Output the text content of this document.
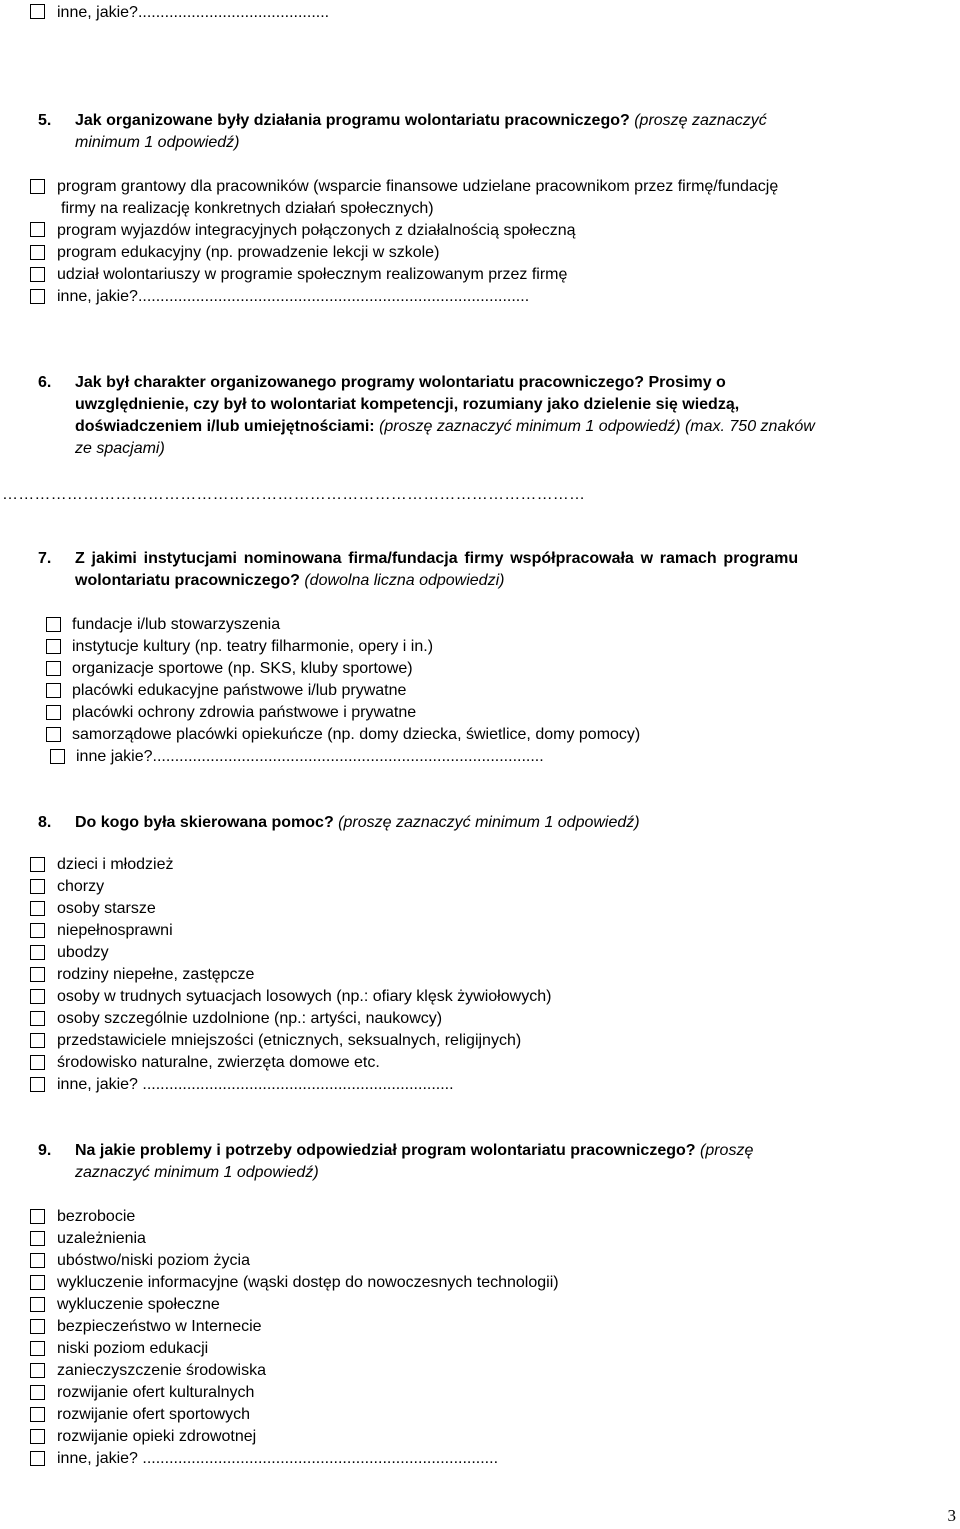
inne, jakie?...........................................
5. Jak organizowane były działania programu wolontariatu pracowniczego? (proszę zaznaczyć
minimum 1 odpowiedź)
program grantowy dla pracowników (wsparcie finansowe udzielane pracownikom przez firmę/fundację
firmy na realizację konkretnych działań społecznych)
program wyjazdów integracyjnych połączonych z działalnością społeczną
program edukacyjny (np. prowadzenie lekcji w szkole)
udział wolontariuszy w programie społecznym realizowanym przez firmę
inne, jakie?........................................................................................
6. Jak był charakter organizowanego programy wolontariatu pracowniczego? Prosimy o
uwzględnienie, czy był to wolontariat kompetencji, rozumiany jako dzielenie się wiedzą,
doświadczeniem i/lub umiejętnościami: (proszę zaznaczyć minimum 1 odpowiedź) (max. 750 znaków
ze spacjami)
………………………………………………………………………………………………
7. Z jakimi instytucjami nominowana firma/fundacja firmy współpracowała w ramach programu
wolontariatu pracowniczego? (dowolna liczna odpowiedzi)
fundacje i/lub stowarzyszenia
instytucje kultury (np. teatry filharmonie, opery i in.)
organizacje sportowe (np. SKS, kluby sportowe)
placówki edukacyjne państwowe i/lub prywatne
placówki ochrony zdrowia państwowe i prywatne
samorządowe placówki opiekuńcze (np. domy dziecka, świetlice, domy pomocy)
inne jakie?........................................................................................
8. Do kogo była skierowana pomoc? (proszę zaznaczyć minimum 1 odpowiedź)
dzieci i młodzież
chorzy
osoby starsze
niepełnosprawni
ubodzy
rodziny niepełne, zastępcze
osoby w trudnych sytuacjach losowych (np.: ofiary klęsk żywiołowych)
osoby szczególnie uzdolnione (np.: artyści, naukowcy)
przedstawiciele mniejszości (etnicznych, seksualnych, religijnych)
środowisko naturalne, zwierzęta domowe etc.
inne, jakie? ......................................................................
9. Na jakie problemy i potrzeby odpowiedział program wolontariatu pracowniczego? (proszę
zaznaczyć minimum 1 odpowiedź)
bezrobocie
uzależnienia
ubóstwo/niski poziom życia
wykluczenie informacyjne (wąski dostęp do nowoczesnych technologii)
wykluczenie społeczne
bezpieczeństwo w Internecie
niski poziom edukacji
zanieczyszczenie środowiska
rozwijanie ofert kulturalnych
rozwijanie ofert sportowych
rozwijanie opieki zdrowotnej
inne, jakie? ................................................................................
3
